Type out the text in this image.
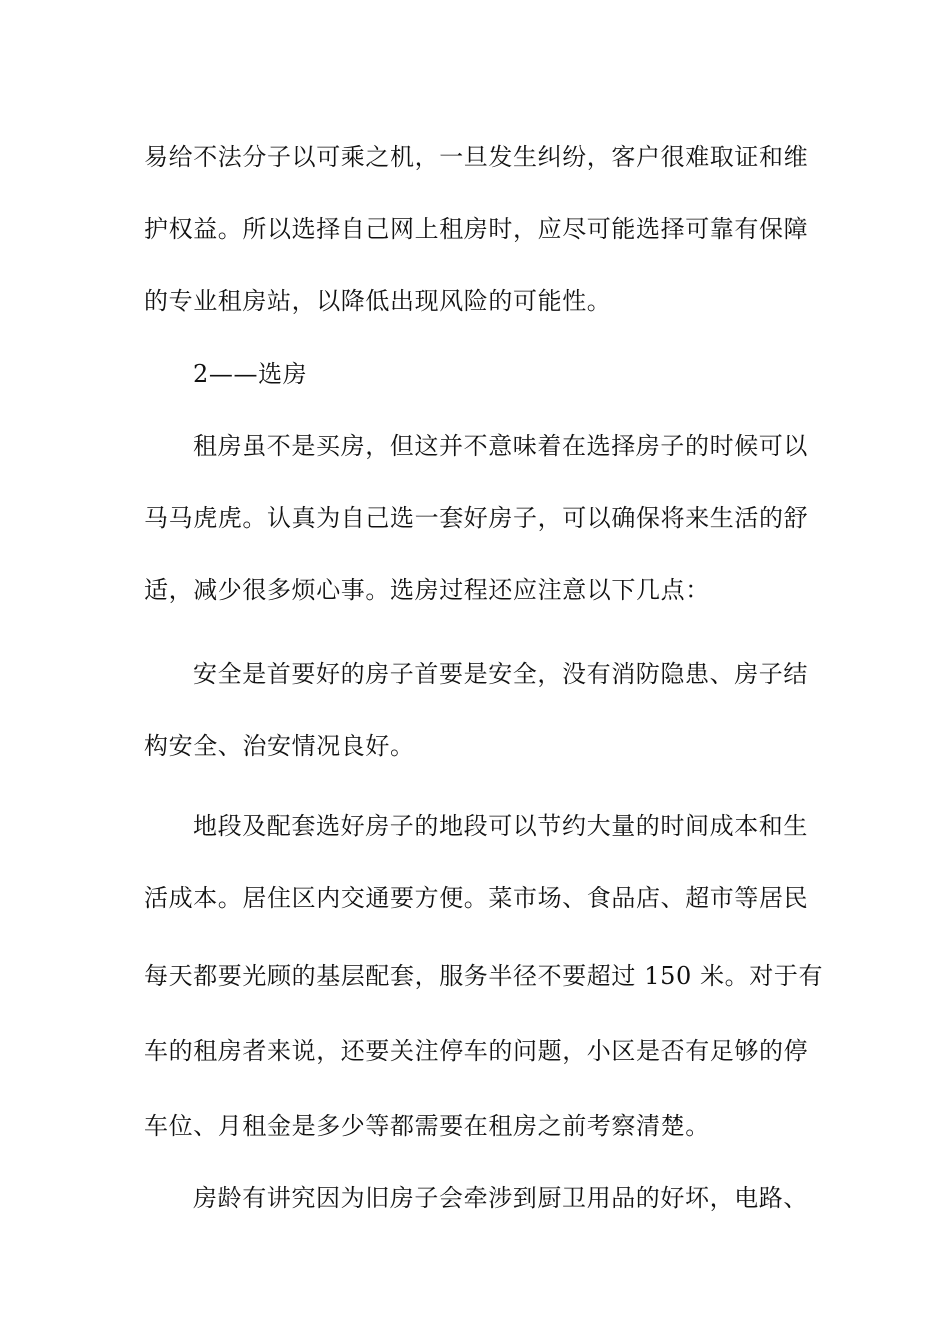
易给不法分子以可乘之机，一旦发生纠纷，客户很难取证和维
护权益。所以选择自己网上租房时，应尽可能选择可靠有保障
的专业租房站，以降低出现风险的可能性。
2——选房
租房虽不是买房，但这并不意味着在选择房子的时候可以
马马虎虎。认真为自己选一套好房子，可以确保将来生活的舒
适，减少很多烦心事。选房过程还应注意以下几点：
安全是首要好的房子首要是安全，没有消防隐患、房子结
构安全、治安情况良好。
地段及配套选好房子的地段可以节约大量的时间成本和生
活成本。居住区内交通要方便。菜市场、食品店、超市等居民
每天都要光顾的基层配套，服务半径不要超过 150 米。对于有
车的租房者来说，还要关注停车的问题，小区是否有足够的停
车位、月租金是多少等都需要在租房之前考察清楚。
房龄有讲究因为旧房子会牵涉到厨卫用品的好坏，电路、
